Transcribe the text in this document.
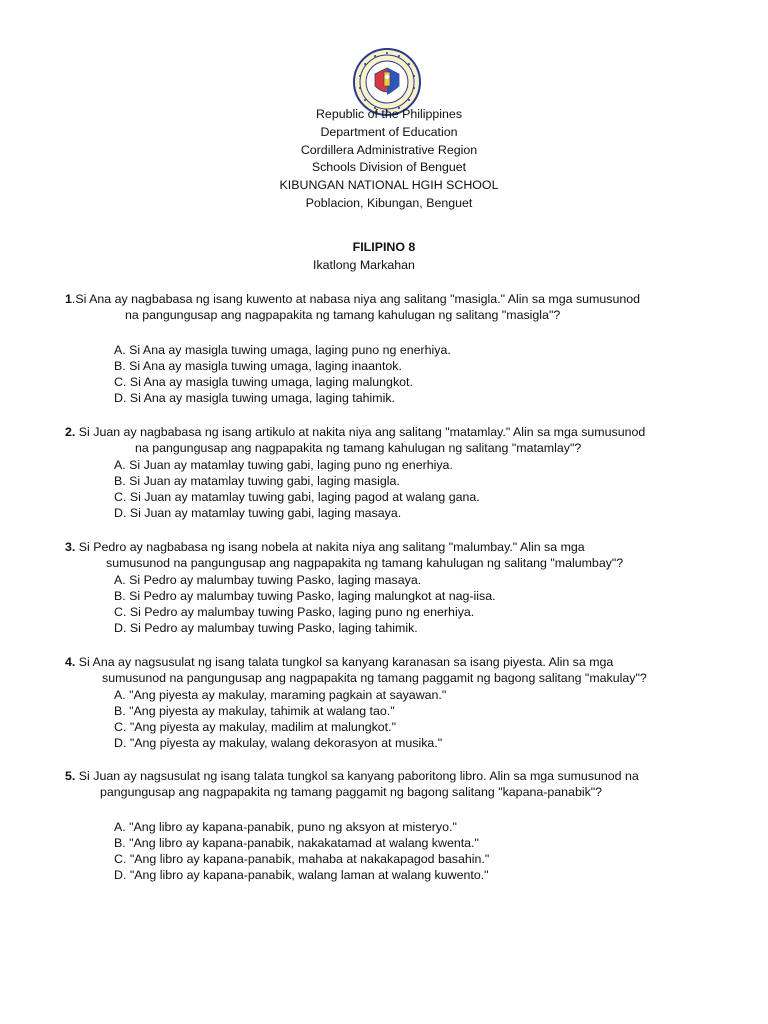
Republic of the Philippines
Department of Education
Cordillera Administrative Region
Schools Division of Benguet
KIBUNGAN NATIONAL HGIH SCHOOL
Poblacion, Kibungan, Benguet
FILIPINO 8
Ikatlong Markahan
1.Si Ana ay nagbabasa ng isang kuwento at nabasa niya ang salitang "masigla." Alin sa mga sumusunod
na pangungusap ang nagpapakita ng tamang kahulugan ng salitang "masigla"?
A. Si Ana ay masigla tuwing umaga, laging puno ng enerhiya.
B. Si Ana ay masigla tuwing umaga, laging inaantok.
C. Si Ana ay masigla tuwing umaga, laging malungkot.
D. Si Ana ay masigla tuwing umaga, laging tahimik.
2. Si Juan ay nagbabasa ng isang artikulo at nakita niya ang salitang "matamlay." Alin sa mga sumusunod
na pangungusap ang nagpapakita ng tamang kahulugan ng salitang "matamlay"?
A. Si Juan ay matamlay tuwing gabi, laging puno ng enerhiya.
B. Si Juan ay matamlay tuwing gabi, laging masigla.
C. Si Juan ay matamlay tuwing gabi, laging pagod at walang gana.
D. Si Juan ay matamlay tuwing gabi, laging masaya.
3. Si Pedro ay nagbabasa ng isang nobela at nakita niya ang salitang "malumbay." Alin sa mga
sumusunod na pangungusap ang nagpapakita ng tamang kahulugan ng salitang "malumbay"?
A. Si Pedro ay malumbay tuwing Pasko, laging masaya.
B. Si Pedro ay malumbay tuwing Pasko, laging malungkot at nag-iisa.
C. Si Pedro ay malumbay tuwing Pasko, laging puno ng enerhiya.
D. Si Pedro ay malumbay tuwing Pasko, laging tahimik.
4. Si Ana ay nagsusulat ng isang talata tungkol sa kanyang karanasan sa isang piyesta. Alin sa mga
sumusunod na pangungusap ang nagpapakita ng tamang paggamit ng bagong salitang "makulay"?
A. "Ang piyesta ay makulay, maraming pagkain at sayawan."
B. "Ang piyesta ay makulay, tahimik at walang tao."
C. "Ang piyesta ay makulay, madilim at malungkot."
D. "Ang piyesta ay makulay, walang dekorasyon at musika."
5. Si Juan ay nagsusulat ng isang talata tungkol sa kanyang paboritong libro. Alin sa mga sumusunod na
pangungusap ang nagpapakita ng tamang paggamit ng bagong salitang "kapana-panabik"?
A. "Ang libro ay kapana-panabik, puno ng aksyon at misteryo."
B. "Ang libro ay kapana-panabik, nakakatamad at walang kwenta."
C. "Ang libro ay kapana-panabik, mahaba at nakakapagod basahin."
D. "Ang libro ay kapana-panabik, walang laman at walang kuwento."
